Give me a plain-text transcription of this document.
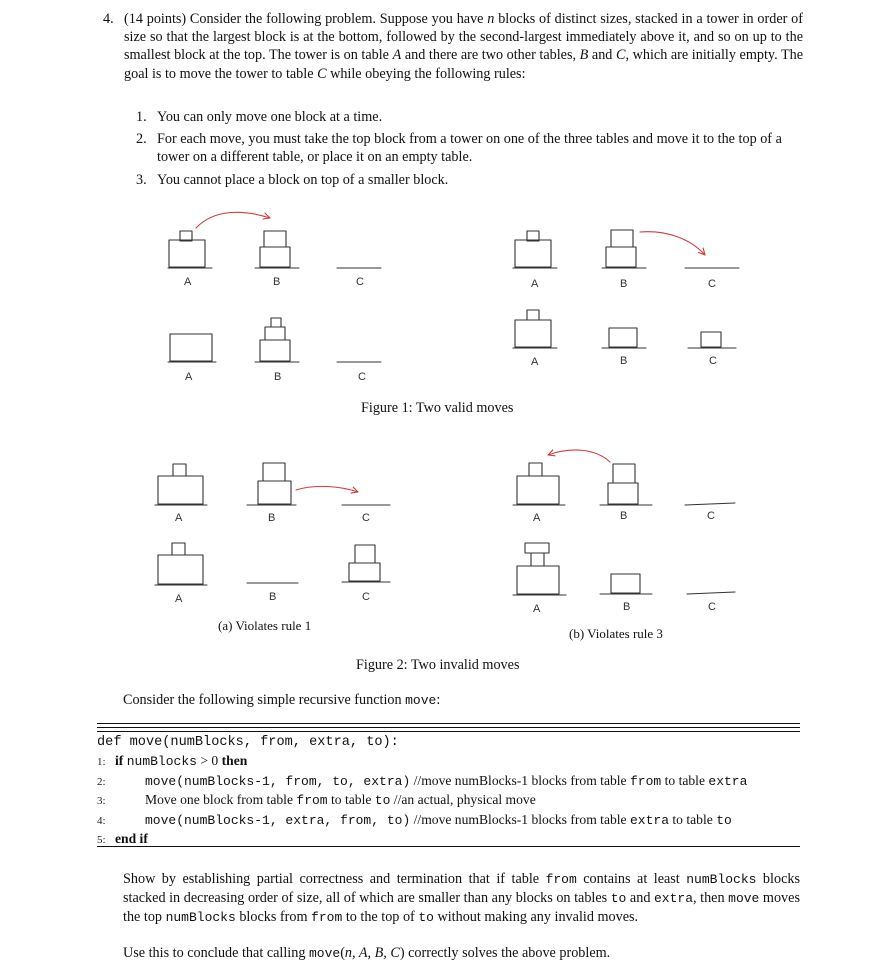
4. (14 points) Consider the following problem. Suppose you have n blocks of distinct sizes, stacked in a tower in order of size so that the largest block is at the bottom, followed by the second-largest immediately above it, and so on up to the smallest block at the top. The tower is on table A and there are two other tables, B and C, which are initially empty. The goal is to move the tower to table C while obeying the following rules:

1. You can only move one block at a time.
2. For each move, you must take the top block from a tower on one of the three tables and move it to the top of a tower on a different table, or place it on an empty table.
3. You cannot place a block on top of a smaller block.
A	B	C
A	B	C
A	B	C
A	B	C
A	B	C
A	B	C
A	B	C
A	B	C
Figure 1: Two valid moves
(a) Violates rule 1
(b) Violates rule 3
Figure 2: Two invalid moves
Consider the following simple recursive function move:
def move(numBlocks, from, extra, to):
1: if numBlocks > 0 then
2:	move(numBlocks-1, from, to, extra) //move numBlocks-1 blocks from table from to table extra
3:	Move one block from table from to table to //an actual, physical move
4:	move(numBlocks-1, extra, from, to) //move numBlocks-1 blocks from table extra to table to
5: end if

Show by establishing partial correctness and termination that if table from contains at least numBlocks blocks stacked in decreasing order of size, all of which are smaller than any blocks on tables to and extra, then move moves the top numBlocks blocks from from to the top of to without making any invalid moves.

Use this to conclude that calling move(n, A, B, C) correctly solves the above problem.
